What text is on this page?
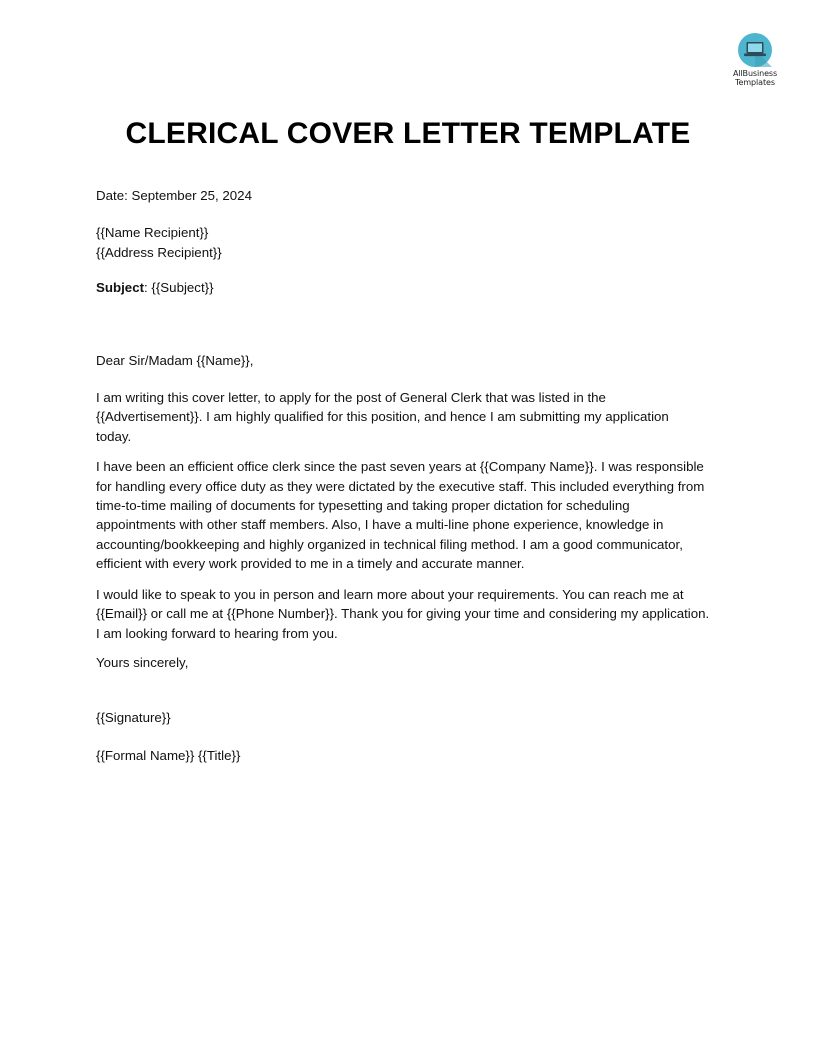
AllBusiness
Templates
CLERICAL COVER LETTER TEMPLATE

Date: September 25, 2024

{{Name Recipient}}

{{Address Recipient}}

Subject: {{Subject}}

Dear Sir/Madam {{Name}},

I am writing this cover letter, to apply for the post of General Clerk that was listed in the
{{Advertisement}}. I am highly qualified for this position, and hence I am submitting my application
today.
I have been an efficient office clerk since the past seven years at {{Company Name}}. I was responsible
for handling every office duty as they were dictated by the executive staff. This included everything from
time-to-time mailing of documents for typesetting and taking proper dictation for scheduling
appointments with other staff members. Also, I have a multi-line phone experience, knowledge in
accounting/bookkeeping and highly organized in technical filing method. I am a good communicator,
efficient with every work provided to me in a timely and accurate manner.
I would like to speak to you in person and learn more about your requirements. You can reach me at
{{Email}} or call me at {{Phone Number}}. Thank you for giving your time and considering my application.
I am looking forward to hearing from you.

Yours sincerely,

{{Signature}}

{{Formal Name}} {{Title}}
